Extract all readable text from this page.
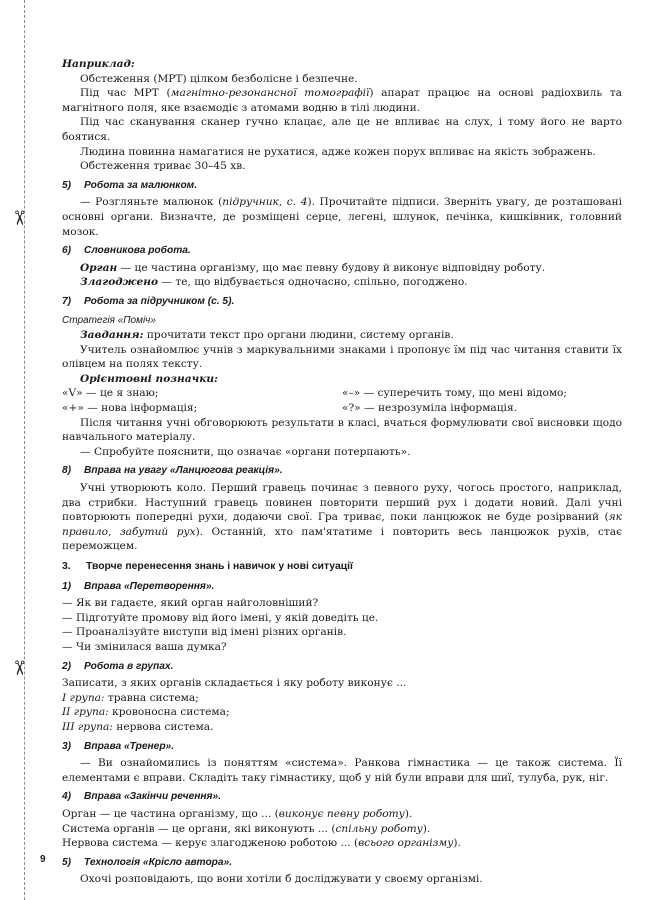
✂
✂

Наприклад:

Обстеження (МРТ) цілком безболісне і безпечне.

Під час МРТ (магнітно-резонансної томографії) апарат працює на основі радіохвиль та магнітного поля, яке взаємодіє з атомами водню в тілі людини.

Під час сканування сканер гучно клацає, але це не впливає на слух, і тому його не варто боятися.

Людина повинна намагатися не рухатися, адже кожен порух впливає на якість зображень.

Обстеження триває 30–45 хв.

5) Робота за малюнком.

— Розгляньте малюнок (підручник, с. 4). Прочитайте підписи. Зверніть увагу, де розташовані основні органи. Визначте, де розміщені серце, легені, шлунок, печінка, кишківник, головний мозок.

6) Словникова робота.

Орган — це частина організму, що має певну будову й виконує відповідну роботу.

Злагоджено — те, що відбувається одночасно, спільно, погоджено.

7) Робота за підручником (с. 5).

Стратегія «Поміч»

Завдання: прочитати текст про органи людини, систему органів.

Учитель ознайомлює учнів з маркувальними знаками і пропонує їм під час читання ставити їх олівцем на полях тексту.

Орієнтовні позначки:

«V» — це я знаю;	«–» — суперечить тому, що мені відомо;
«+» — нова інформація;	«?» — незрозуміла інформація.

Після читання учні обговорюють результати в класі, вчаться формулювати свої висновки щодо навчального матеріалу.

— Спробуйте пояснити, що означає «органи потерпають».

8) Вправа на увагу «Ланцюгова реакція».

Учні утворюють коло. Перший гравець починає з певного руху, чогось простого, наприклад, два стрибки. Наступний гравець повинен повторити перший рух і додати новий. Далі учні повторюють попередні рухи, додаючи свої. Гра триває, поки ланцюжок не буде розірваний (як правило, забутий рух). Останній, хто пам'ятатиме і повторить весь ланцюжок рухів, стає переможцем.

3. Творче перенесення знань і навичок у нові ситуації

1) Вправа «Перетворення».

— Як ви гадаєте, який орган найголовніший?

— Підготуйте промову від його імені, у якій доведіть це.

— Проаналізуйте виступи від імені різних органів.

— Чи змінилася ваша думка?

2) Робота в групах.

Записати, з яких органів складається і яку роботу виконує ...

I група: травна система;

II група: кровоносна система;

III група: нервова система.

3) Вправа «Тренер».

— Ви ознайомились із поняттям «система». Ранкова гімнастика — це також система. Її елементами є вправи. Складіть таку гімнастику, щоб у ній були вправи для шиї, тулуба, рук, ніг.

4) Вправа «Закінчи речення».

Орган — це частина організму, що ... (виконує певну роботу).

Система органів — це органи, які виконують ... (спільну роботу).

Нервова система — керує злагодженою роботою ... (всього організму).

5) Технологія «Крісло автора».

Охочі розповідають, що вони хотіли б досліджувати у своєму організмі.

9
